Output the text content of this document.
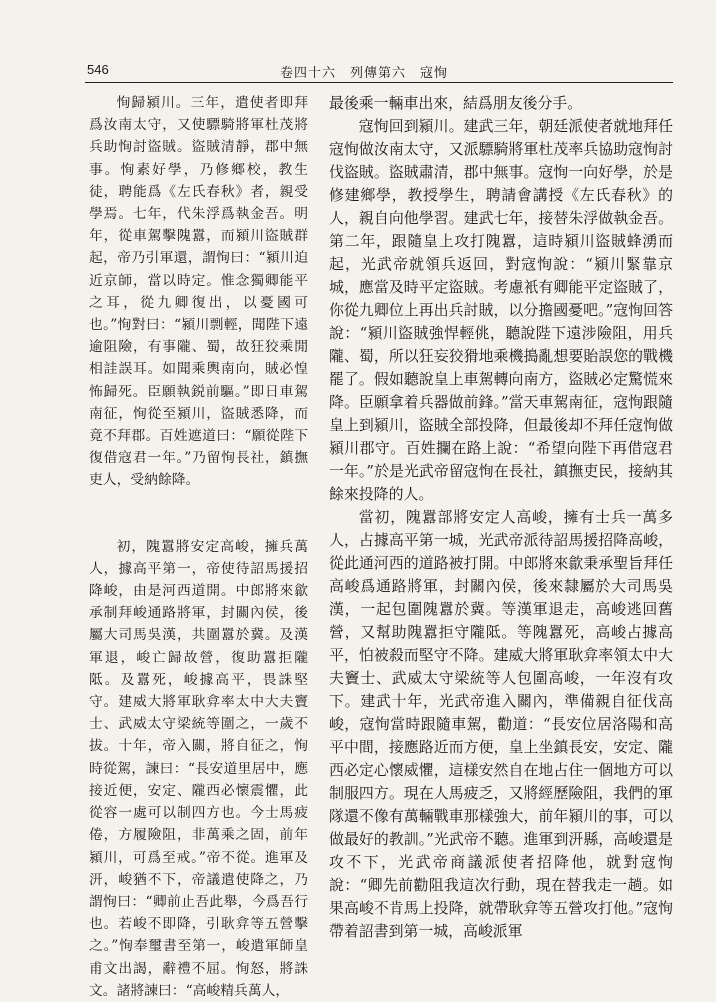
546	卷四十六　列傳第六　寇恂

恂歸潁川。三年，遣使者即拜爲汝南太守，又使驃騎將軍杜茂將兵助恂討盜賊。盜賊清靜，郡中無事。恂素好學，乃修鄉校，教生徒，聘能爲《左氏春秋》者，親受學焉。七年，代朱浮爲執金吾。明年，從車駕擊隗囂，而潁川盜賊群起，帝乃引軍還，謂恂曰：“潁川迫近京師，當以時定。惟念獨卿能平之耳，從九卿復出，以憂國可也。”恂對曰：“潁川剽輕，聞陛下遠逾阻險，有事隴、蜀，故狂狡乘閒相詿誤耳。如聞乘輿南向，賊必惶怖歸死。臣願執鋭前驅。”即日車駕南征，恂從至潁川，盜賊悉降，而竟不拜郡。百姓遮道曰：“願從陛下復借寇君一年。”乃留恂長社，鎮撫吏人，受納餘降。

初，隗囂將安定高峻，擁兵萬人，據高平第一，帝使待詔馬援招降峻，由是河西道開。中郎將來歙承制拜峻通路將軍，封關內侯，後屬大司馬吳漢，共圍囂於冀。及漢軍退，峻亡歸故營，復助囂拒隴阺。及囂死，峻據高平，畏誅堅守。建威大將軍耿弇率太中大夫竇士、武威太守梁統等圍之，一歲不拔。十年，帝入關，將自征之，恂時從駕，諫曰：“長安道里居中，應接近便，安定、隴西必懷震懼，此從容一處可以制四方也。今士馬疲倦，方履險阻，非萬乘之固，前年潁川，可爲至戒。”帝不從。進軍及汧，峻猶不下，帝議遣使降之，乃謂恂曰：“卿前止吾此舉，今爲吾行也。若峻不即降，引耿弇等五營擊之。”恂奉璽書至第一，峻遣軍師皇甫文出謁，辭禮不屈。恂怒，將誅文。諸將諫曰：“高峻精兵萬人，

最後乘一輛車出來，結爲朋友後分手。

寇恂回到潁川。建武三年，朝廷派使者就地拜任寇恂做汝南太守，又派驃騎將軍杜茂率兵協助寇恂討伐盜賊。盜賊肅清，郡中無事。寇恂一向好學，於是修建鄉學，教授學生，聘請會講授《左氏春秋》的人，親自向他學習。建武七年，接替朱浮做執金吾。第二年，跟隨皇上攻打隗囂，這時潁川盜賊蜂湧而起，光武帝就領兵返回，對寇恂說：“潁川緊靠京城，應當及時平定盜賊。考慮衹有卿能平定盜賊了，你從九卿位上再出兵討賊，以分擔國憂吧。”寇恂回答說：“潁川盜賊強悍輕佻，聽說陛下遠涉險阻，用兵隴、蜀，所以狂妄狡猾地乘機搗亂想要貽誤您的戰機罷了。假如聽說皇上車駕轉向南方，盜賊必定驚慌來降。臣願拿着兵器做前鋒。”當天車駕南征，寇恂跟隨皇上到潁川，盜賊全部投降，但最後却不拜任寇恂做潁川郡守。百姓攔在路上說：“希望向陛下再借寇君一年。”於是光武帝留寇恂在長社，鎮撫吏民，接納其餘來投降的人。

當初，隗囂部將安定人高峻，擁有士兵一萬多人，占據高平第一城，光武帝派待詔馬援招降高峻，從此通河西的道路被打開。中郎將來歙秉承聖旨拜任高峻爲通路將軍，封關內侯，後來隸屬於大司馬吳漢，一起包圍隗囂於冀。等漢軍退走，高峻逃回舊營，又幫助隗囂拒守隴阺。等隗囂死，高峻占據高平，怕被殺而堅守不降。建威大將軍耿弇率領太中大夫竇士、武威太守梁統等人包圍高峻，一年沒有攻下。建武十年，光武帝進入關內，準備親自征伐高峻，寇恂當時跟隨車駕，勸道：“長安位居洛陽和高平中間，接應路近而方便，皇上坐鎮長安，安定、隴西必定心懷威懼，這樣安然自在地占住一個地方可以制服四方。現在人馬疲乏，又將經歷險阻，我們的軍隊還不像有萬輛戰車那樣強大，前年潁川的事，可以做最好的教訓。”光武帝不聽。進軍到汧縣，高峻還是攻不下，光武帝商議派使者招降他，就對寇恂說：“卿先前勸阻我這次行動，現在替我走一趟。如果高峻不肯馬上投降，就帶耿弇等五營攻打他。”寇恂帶着詔書到第一城，高峻派軍
